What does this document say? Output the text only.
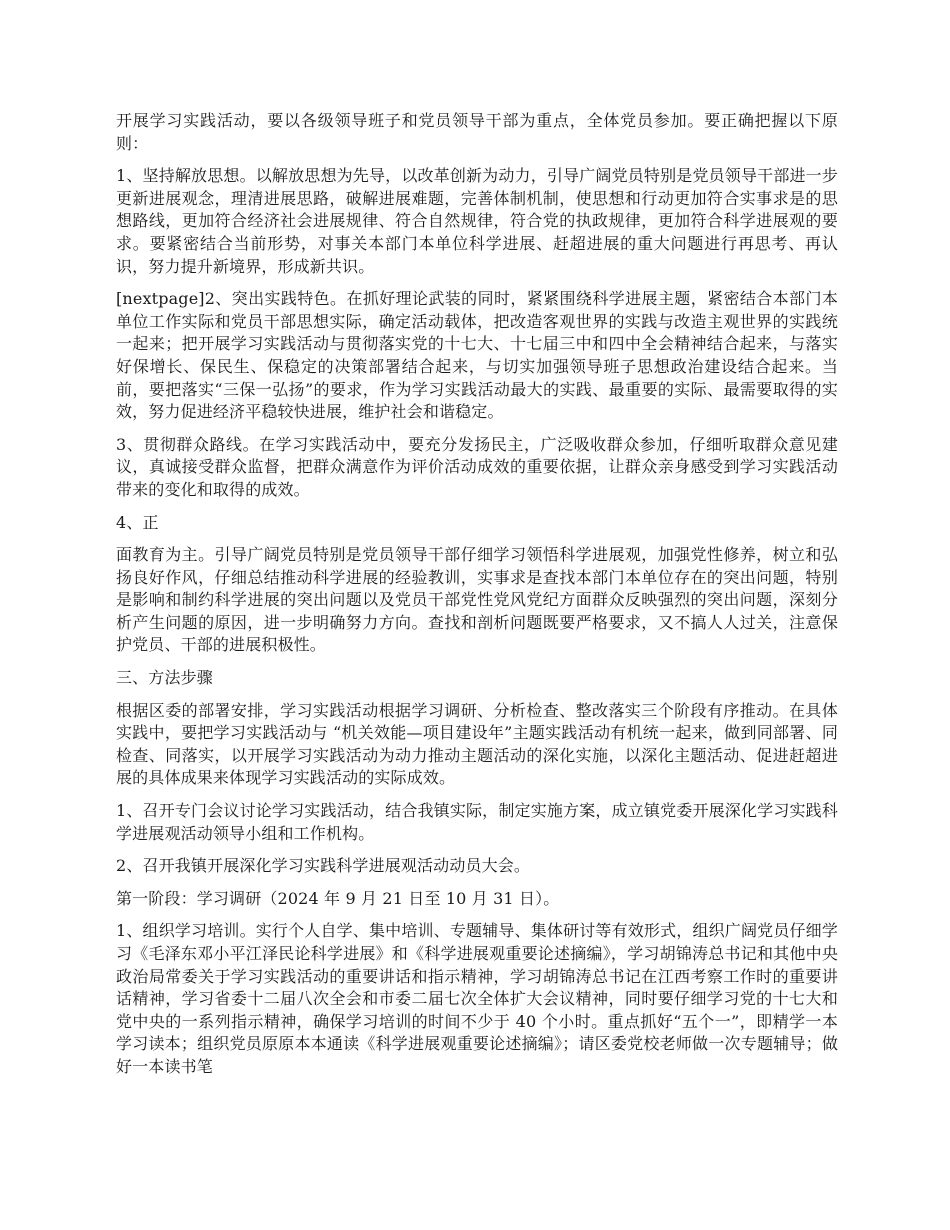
开展学习实践活动，要以各级领导班子和党员领导干部为重点，全体党员参加。要正确把握以下原则：

1、坚持解放思想。以解放思想为先导，以改革创新为动力，引导广阔党员特别是党员领导干部进一步更新进展观念，理清进展思路，破解进展难题，完善体制机制，使思想和行动更加符合实事求是的思想路线，更加符合经济社会进展规律、符合自然规律，符合党的执政规律，更加符合科学进展观的要求。要紧密结合当前形势，对事关本部门本单位科学进展、赶超进展的重大问题进行再思考、再认识，努力提升新境界，形成新共识。

[nextpage]2、突出实践特色。在抓好理论武装的同时，紧紧围绕科学进展主题，紧密结合本部门本单位工作实际和党员干部思想实际，确定活动载体，把改造客观世界的实践与改造主观世界的实践统一起来；把开展学习实践活动与贯彻落实党的十七大、十七届三中和四中全会精神结合起来，与落实好保增长、保民生、保稳定的决策部署结合起来，与切实加强领导班子思想政治建设结合起来。当前，要把落实“三保一弘扬”的要求，作为学习实践活动最大的实践、最重要的实际、最需要取得的实效，努力促进经济平稳较快进展，维护社会和谐稳定。

3、贯彻群众路线。在学习实践活动中，要充分发扬民主，广泛吸收群众参加，仔细听取群众意见建议，真诚接受群众监督，把群众满意作为评价活动成效的重要依据，让群众亲身感受到学习实践活动带来的变化和取得的成效。

4、正

面教育为主。引导广阔党员特别是党员领导干部仔细学习领悟科学进展观，加强党性修养，树立和弘扬良好作风，仔细总结推动科学进展的经验教训，实事求是查找本部门本单位存在的突出问题，特别是影响和制约科学进展的突出问题以及党员干部党性党风党纪方面群众反映强烈的突出问题，深刻分析产生问题的原因，进一步明确努力方向。查找和剖析问题既要严格要求，又不搞人人过关，注意保护党员、干部的进展积极性。

三、方法步骤

根据区委的部署安排，学习实践活动根据学习调研、分析检查、整改落实三个阶段有序推动。在具体实践中，要把学习实践活动与 “机关效能—项目建设年”主题实践活动有机统一起来，做到同部署、同检查、同落实，以开展学习实践活动为动力推动主题活动的深化实施，以深化主题活动、促进赶超进展的具体成果来体现学习实践活动的实际成效。

1、召开专门会议讨论学习实践活动，结合我镇实际，制定实施方案，成立镇党委开展深化学习实践科学进展观活动领导小组和工作机构。

2、召开我镇开展深化学习实践科学进展观活动动员大会。

第一阶段：学习调研（2024 年 9 月 21 日至 10 月 31 日）。

1、组织学习培训。实行个人自学、集中培训、专题辅导、集体研讨等有效形式，组织广阔党员仔细学习《毛泽东邓小平江泽民论科学进展》和《科学进展观重要论述摘编》，学习胡锦涛总书记和其他中央政治局常委关于学习实践活动的重要讲话和指示精神，学习胡锦涛总书记在江西考察工作时的重要讲话精神，学习省委十二届八次全会和市委二届七次全体扩大会议精神，同时要仔细学习党的十七大和党中央的一系列指示精神，确保学习培训的时间不少于 40 个小时。重点抓好“五个一”，即精学一本学习读本；组织党员原原本本通读《科学进展观重要论述摘编》；请区委党校老师做一次专题辅导；做好一本读书笔
